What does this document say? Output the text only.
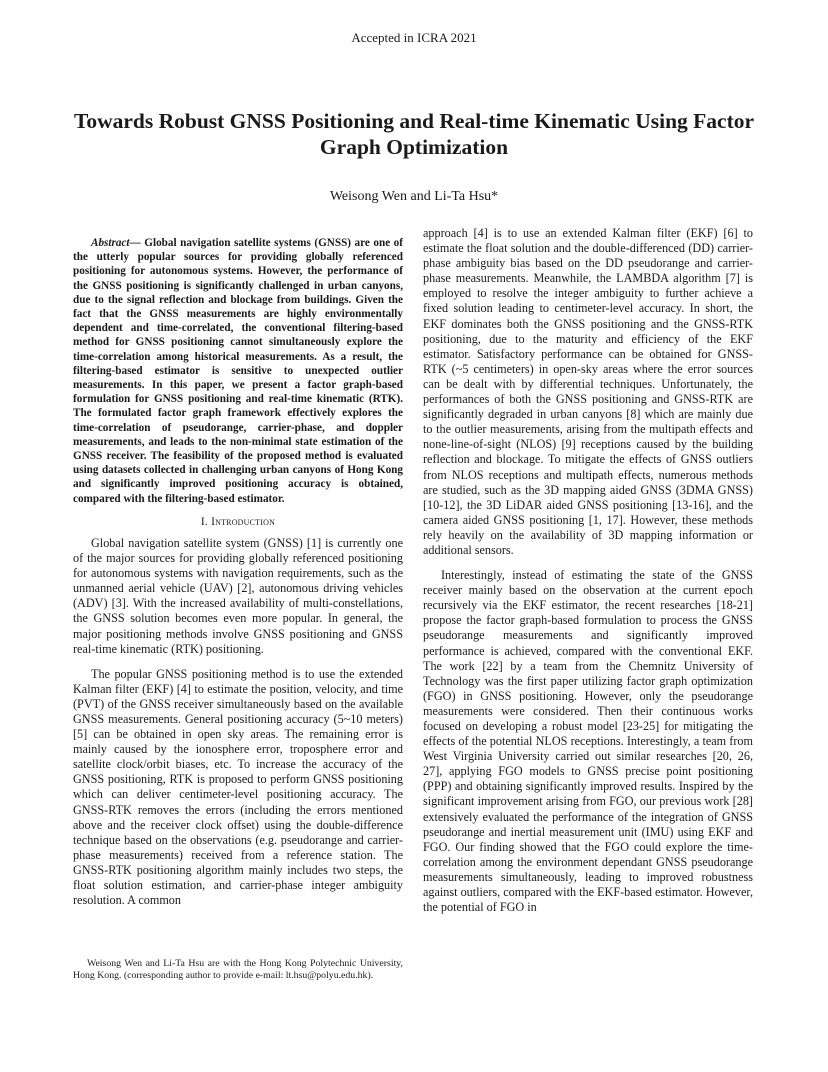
Accepted in ICRA 2021
Towards Robust GNSS Positioning and Real-time Kinematic Using Factor Graph Optimization
Weisong Wen and Li-Ta Hsu*

Abstract— Global navigation satellite systems (GNSS) are one of the utterly popular sources for providing globally referenced positioning for autonomous systems. However, the performance of the GNSS positioning is significantly challenged in urban canyons, due to the signal reflection and blockage from buildings. Given the fact that the GNSS measurements are highly environmentally dependent and time-correlated, the conventional filtering-based method for GNSS positioning cannot simultaneously explore the time-correlation among historical measurements. As a result, the filtering-based estimator is sensitive to unexpected outlier measurements. In this paper, we present a factor graph-based formulation for GNSS positioning and real-time kinematic (RTK). The formulated factor graph framework effectively explores the time-correlation of pseudorange, carrier-phase, and doppler measurements, and leads to the non-minimal state estimation of the GNSS receiver. The feasibility of the proposed method is evaluated using datasets collected in challenging urban canyons of Hong Kong and significantly improved positioning accuracy is obtained, compared with the filtering-based estimator.

I. Introduction

Global navigation satellite system (GNSS) [1] is currently one of the major sources for providing globally referenced positioning for autonomous systems with navigation requirements, such as the unmanned aerial vehicle (UAV) [2], autonomous driving vehicles (ADV) [3]. With the increased availability of multi-constellations, the GNSS solution becomes even more popular. In general, the major positioning methods involve GNSS positioning and GNSS real-time kinematic (RTK) positioning.

The popular GNSS positioning method is to use the extended Kalman filter (EKF) [4] to estimate the position, velocity, and time (PVT) of the GNSS receiver simultaneously based on the available GNSS measurements. General positioning accuracy (5~10 meters) [5] can be obtained in open sky areas. The remaining error is mainly caused by the ionosphere error, troposphere error and satellite clock/orbit biases, etc. To increase the accuracy of the GNSS positioning, RTK is proposed to perform GNSS positioning which can deliver centimeter-level positioning accuracy. The GNSS-RTK removes the errors (including the errors mentioned above and the receiver clock offset) using the double-difference technique based on the observations (e.g. pseudorange and carrier-phase measurements) received from a reference station. The GNSS-RTK positioning algorithm mainly includes two steps, the float solution estimation, and carrier-phase integer ambiguity resolution. A common

approach [4] is to use an extended Kalman filter (EKF) [6] to estimate the float solution and the double-differenced (DD) carrier-phase ambiguity bias based on the DD pseudorange and carrier-phase measurements. Meanwhile, the LAMBDA algorithm [7] is employed to resolve the integer ambiguity to further achieve a fixed solution leading to centimeter-level accuracy. In short, the EKF dominates both the GNSS positioning and the GNSS-RTK positioning, due to the maturity and efficiency of the EKF estimator. Satisfactory performance can be obtained for GNSS-RTK (~5 centimeters) in open-sky areas where the error sources can be dealt with by differential techniques. Unfortunately, the performances of both the GNSS positioning and GNSS-RTK are significantly degraded in urban canyons [8] which are mainly due to the outlier measurements, arising from the multipath effects and none-line-of-sight (NLOS) [9] receptions caused by the building reflection and blockage. To mitigate the effects of GNSS outliers from NLOS receptions and multipath effects, numerous methods are studied, such as the 3D mapping aided GNSS (3DMA GNSS) [10-12], the 3D LiDAR aided GNSS positioning [13-16], and the camera aided GNSS positioning [1, 17]. However, these methods rely heavily on the availability of 3D mapping information or additional sensors.

Interestingly, instead of estimating the state of the GNSS receiver mainly based on the observation at the current epoch recursively via the EKF estimator, the recent researches [18-21] propose the factor graph-based formulation to process the GNSS pseudorange measurements and significantly improved performance is achieved, compared with the conventional EKF. The work [22] by a team from the Chemnitz University of Technology was the first paper utilizing factor graph optimization (FGO) in GNSS positioning. However, only the pseudorange measurements were considered. Then their continuous works focused on developing a robust model [23-25] for mitigating the effects of the potential NLOS receptions. Interestingly, a team from West Virginia University carried out similar researches [20, 26, 27], applying FGO models to GNSS precise point positioning (PPP) and obtaining significantly improved results. Inspired by the significant improvement arising from FGO, our previous work [28] extensively evaluated the performance of the integration of GNSS pseudorange and inertial measurement unit (IMU) using EKF and FGO. Our finding showed that the FGO could explore the time-correlation among the environment dependant GNSS pseudorange measurements simultaneously, leading to improved robustness against outliers, compared with the EKF-based estimator. However, the potential of FGO in

Weisong Wen and Li-Ta Hsu are with the Hong Kong Polytechnic University, Hong Kong. (corresponding author to provide e-mail: lt.hsu@polyu.edu.hk).
